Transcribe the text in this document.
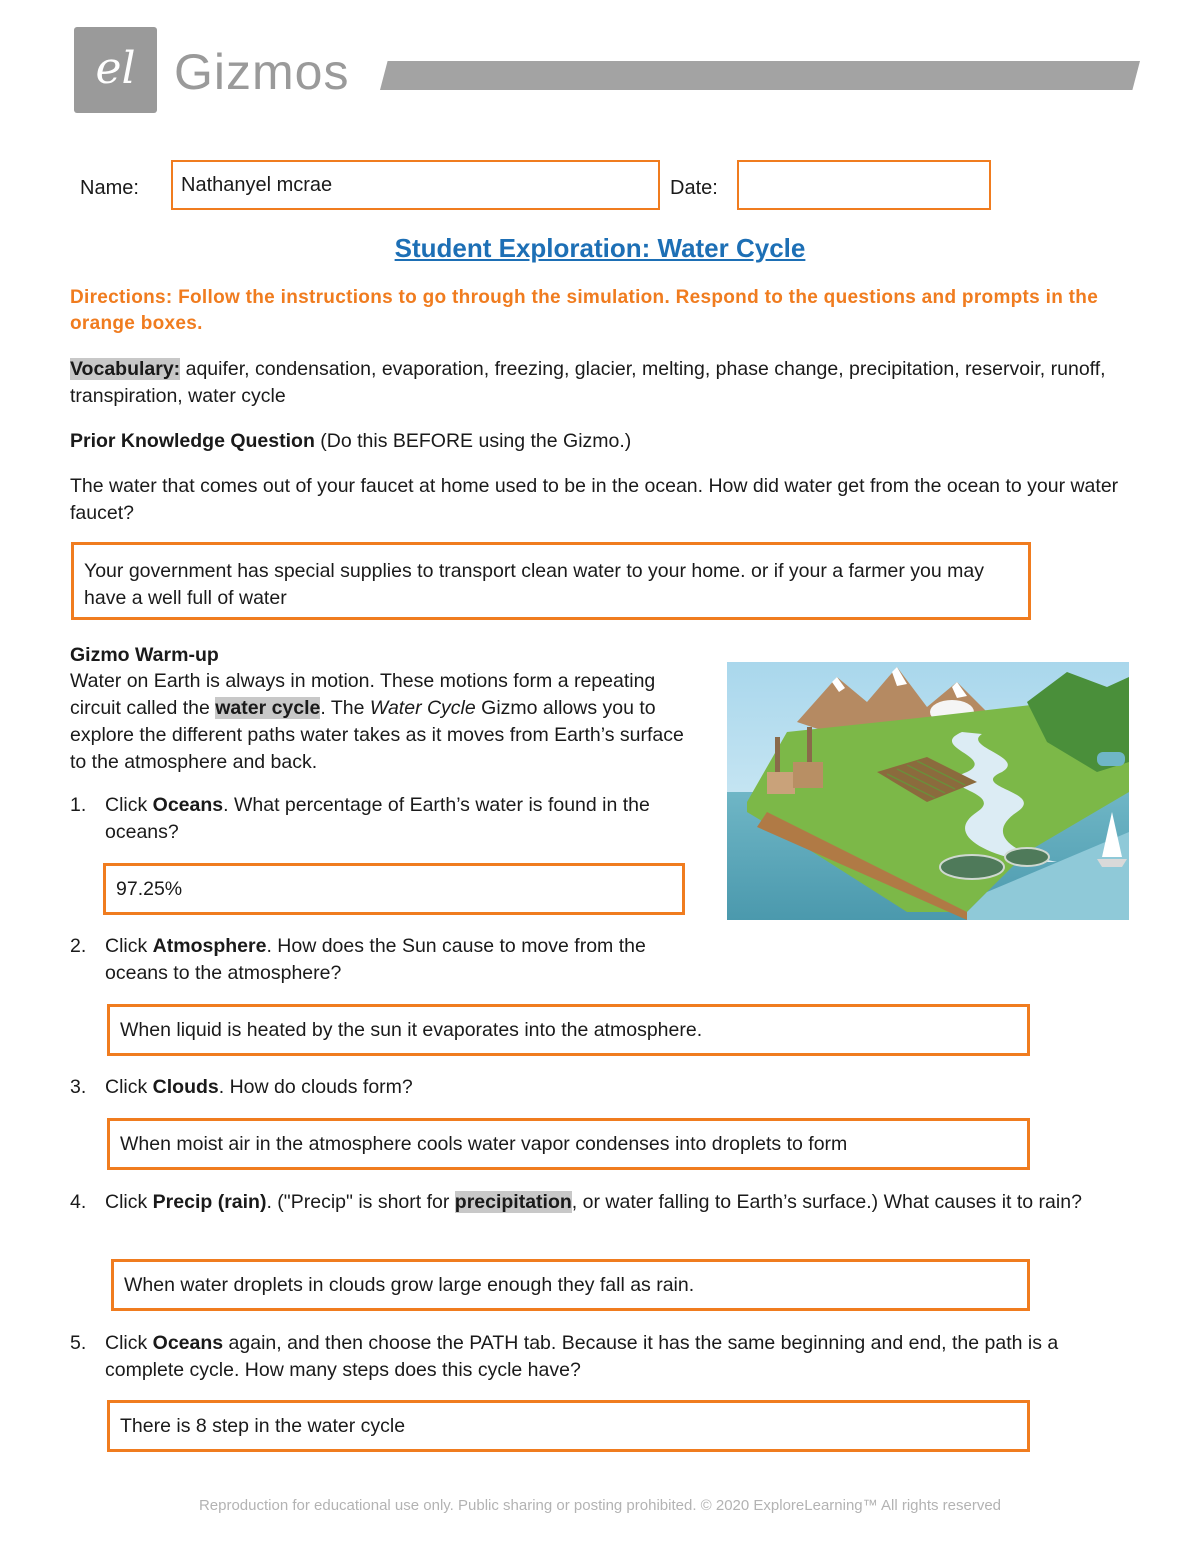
el Gizmos
Name:	Nathanyel mcrae	Date:
Student Exploration: Water Cycle
Directions: Follow the instructions to go through the simulation. Respond to the questions and prompts in the orange boxes.
Vocabulary: aquifer, condensation, evaporation, freezing, glacier, melting, phase change, precipitation, reservoir, runoff, transpiration, water cycle
Prior Knowledge Question (Do this BEFORE using the Gizmo.)
The water that comes out of your faucet at home used to be in the ocean. How did water get from the ocean to your water faucet?
Your government has special supplies to transport clean water to your home. or if your a farmer you may have a well full of water
Gizmo Warm-up
Water on Earth is always in motion. These motions form a repeating circuit called the water cycle. The Water Cycle Gizmo allows you to explore the different paths water takes as it moves from Earth’s surface to the atmosphere and back.
1. Click Oceans. What percentage of Earth’s water is found in the oceans?
97.25%
2. Click Atmosphere. How does the Sun cause to move from the oceans to the atmosphere?
When liquid is heated by the sun it evaporates into the atmosphere.
3. Click Clouds. How do clouds form?
When moist air in the atmosphere cools water vapor condenses into droplets to form
4. Click Precip (rain). ("Precip" is short for precipitation, or water falling to Earth’s surface.) What causes it to rain?
When water droplets in clouds grow large enough they fall as rain.
5. Click Oceans again, and then choose the PATH tab. Because it has the same beginning and end, the path is a complete cycle. How many steps does this cycle have?
There is 8 step in the water cycle
Reproduction for educational use only. Public sharing or posting prohibited. © 2020 ExploreLearning™ All rights reserved
